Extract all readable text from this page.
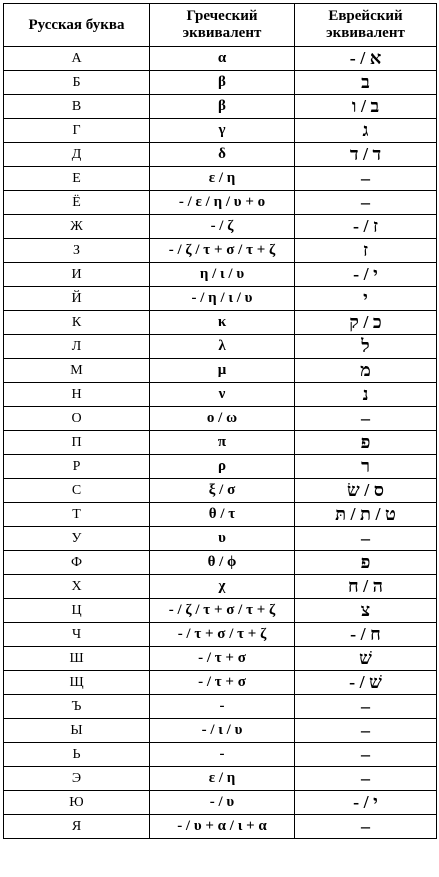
Русская буква	Греческий эквивалент	Еврейский эквивалент
А	α	- / א
Б	β	ב
В	β	ב / ו
Г	γ	ג
Д	δ	ד / ד
Е	ε / η	–
Ё	- / ε / η / υ + ο	–
Ж	- / ζ	- / ז
З	- / ζ / τ + σ / τ + ζ	ז
И	η / ι / υ	- / י
Й	- / η / ι / υ	י
К	κ	כ / ק
Л	λ	ל
М	μ	מ
Н	ν	נ
О	ο / ω	–
П	π	פ
Р	ρ	ר
С	ξ / σ	ס / שׂ
Т	θ / τ	ט / ת / תּ
У	υ	–
Ф	θ / ϕ	פ
Х	χ	ה / ח
Ц	- / ζ / τ + σ / τ + ζ	צ
Ч	- / τ + σ / τ + ζ	- / ח
Ш	- / τ + σ	שׁ
Щ	- / τ + σ	- / שׁ
Ъ	-	–
Ы	- / ι / υ	–
Ь	-	–
Э	ε / η	–
Ю	- / υ	- / י
Я	- / υ + α / ι + α	–
